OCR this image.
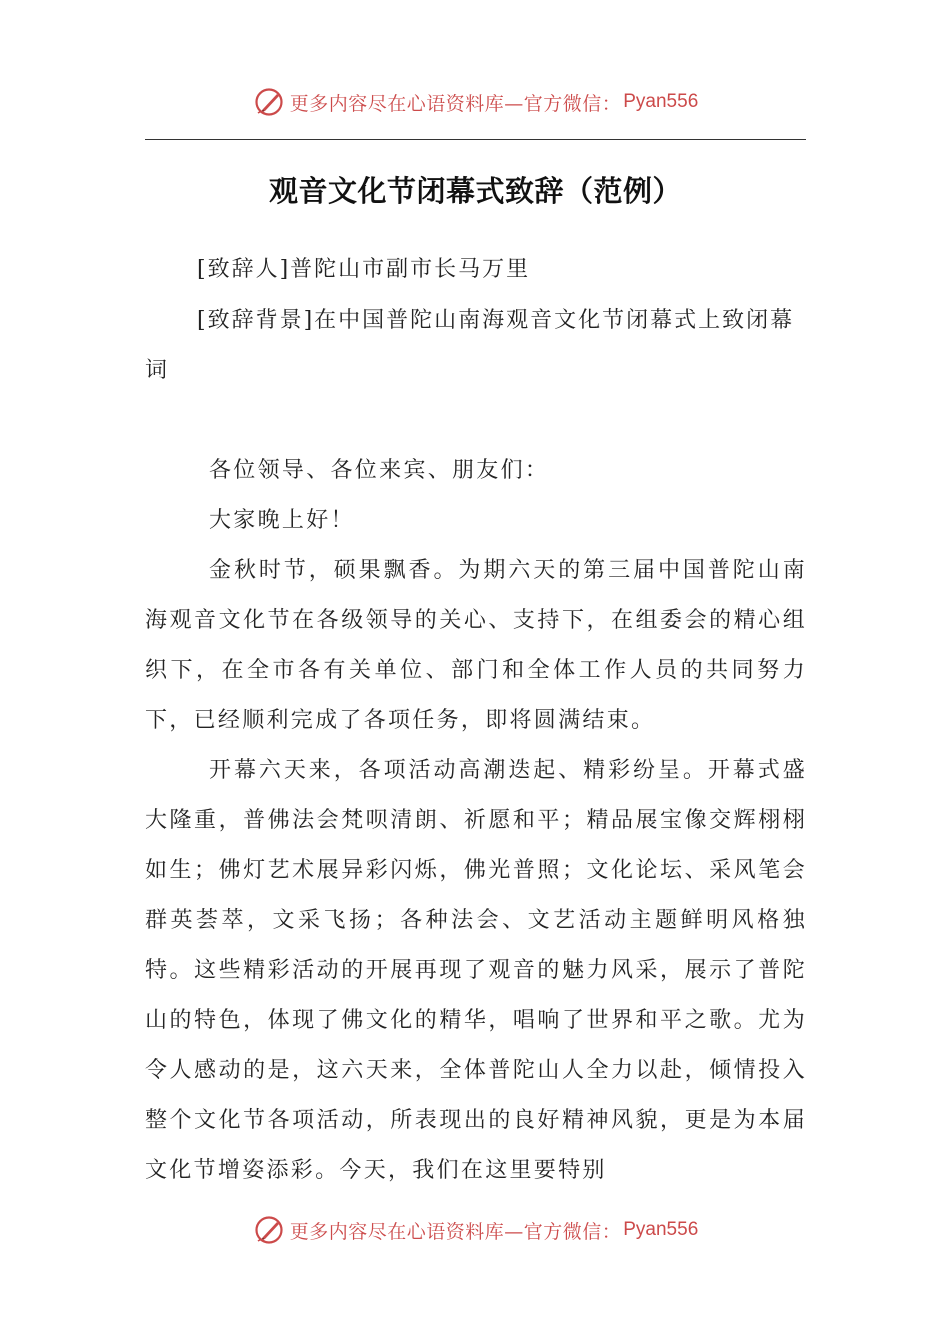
更多内容尽在心语资料库—官方微信： Pyan556
观音文化节闭幕式致辞（范例）
[致辞人]普陀山市副市长马万里
[致辞背景]在中国普陀山南海观音文化节闭幕式上致闭幕词

各位领导、各位来宾、朋友们：

大家晚上好！

金秋时节，硕果飘香。为期六天的第三届中国普陀山南海观音文化节在各级领导的关心、支持下，在组委会的精心组织下，在全市各有关单位、部门和全体工作人员的共同努力下，已经顺利完成了各项任务，即将圆满结束。

开幕六天来，各项活动高潮迭起、精彩纷呈。开幕式盛大隆重，普佛法会梵呗清朗、祈愿和平；精品展宝像交辉栩栩如生；佛灯艺术展异彩闪烁，佛光普照；文化论坛、采风笔会群英荟萃，文采飞扬；各种法会、文艺活动主题鲜明风格独特。这些精彩活动的开展再现了观音的魅力风采，展示了普陀山的特色，体现了佛文化的精华，唱响了世界和平之歌。尤为令人感动的是，这六天来，全体普陀山人全力以赴，倾情投入整个文化节各项活动，所表现出的良好精神风貌，更是为本届文化节增姿添彩。今天，我们在这里要特别

更多内容尽在心语资料库—官方微信： Pyan556
